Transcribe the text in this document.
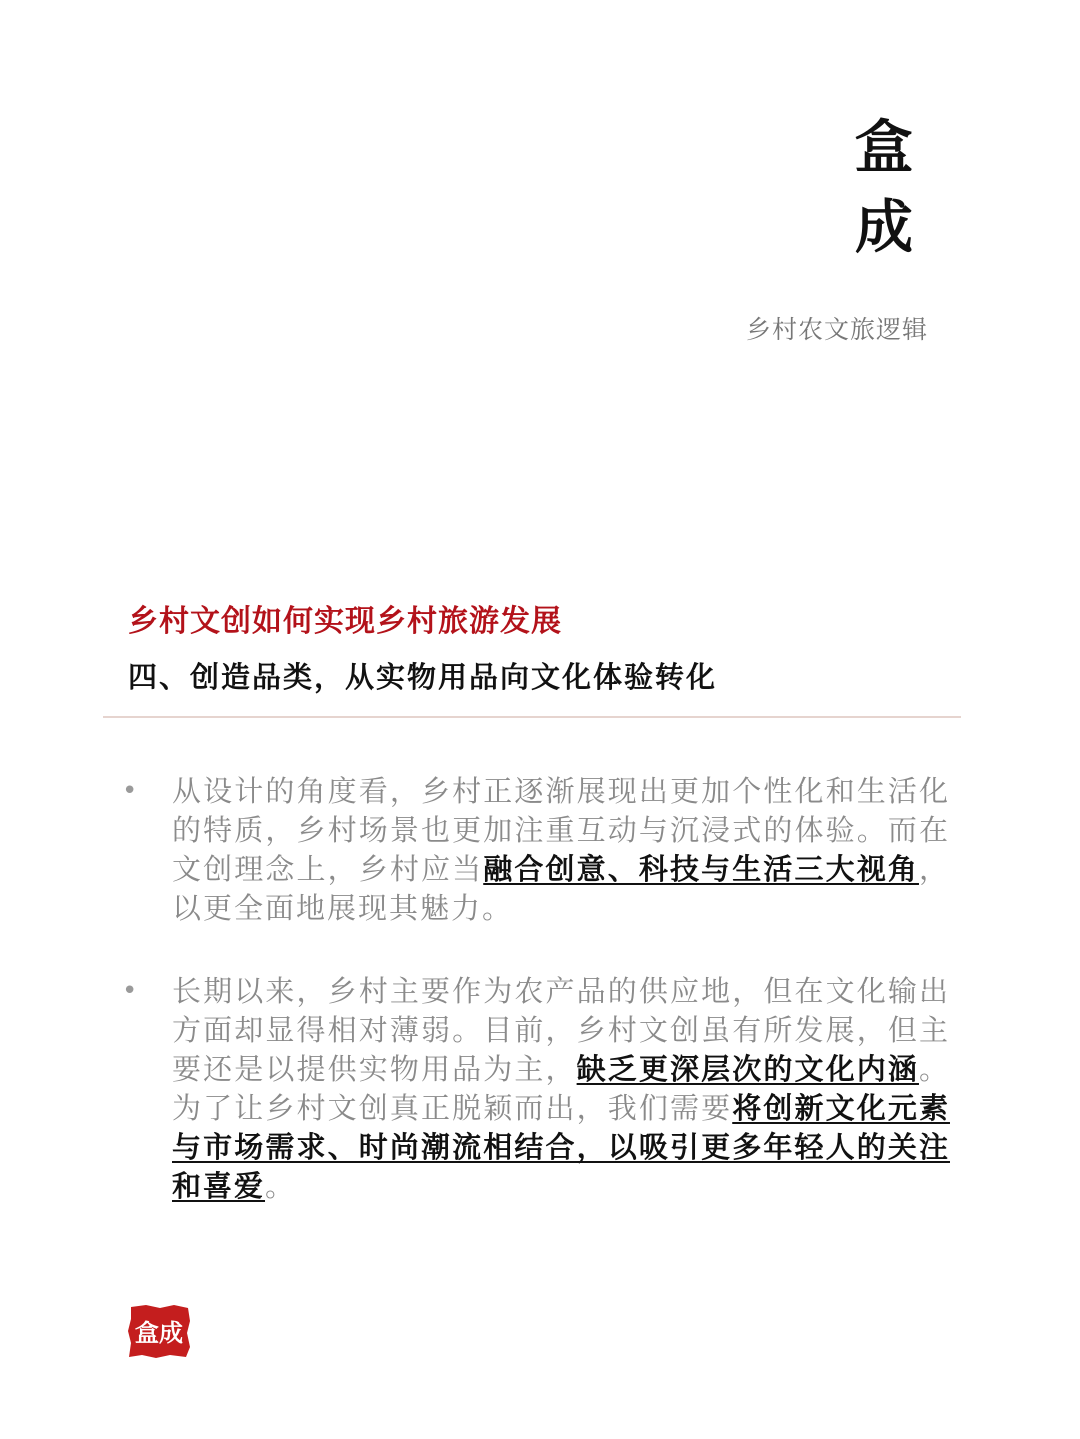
盒
成
乡村农文旅逻辑
乡村文创如何实现乡村旅游发展
四、创造品类，从实物用品向文化体验转化
• 从设计的角度看，乡村正逐渐展现出更加个性化和生活化的特质，乡村场景也更加注重互动与沉浸式的体验。而在文创理念上，乡村应当融合创意、科技与生活三大视角，以更全面地展现其魅力。
• 长期以来，乡村主要作为农产品的供应地，但在文化输出方面却显得相对薄弱。目前，乡村文创虽有所发展，但主要还是以提供实物用品为主，缺乏更深层次的文化内涵。为了让乡村文创真正脱颖而出，我们需要将创新文化元素与市场需求、时尚潮流相结合，以吸引更多年轻人的关注和喜爱。
盒成
